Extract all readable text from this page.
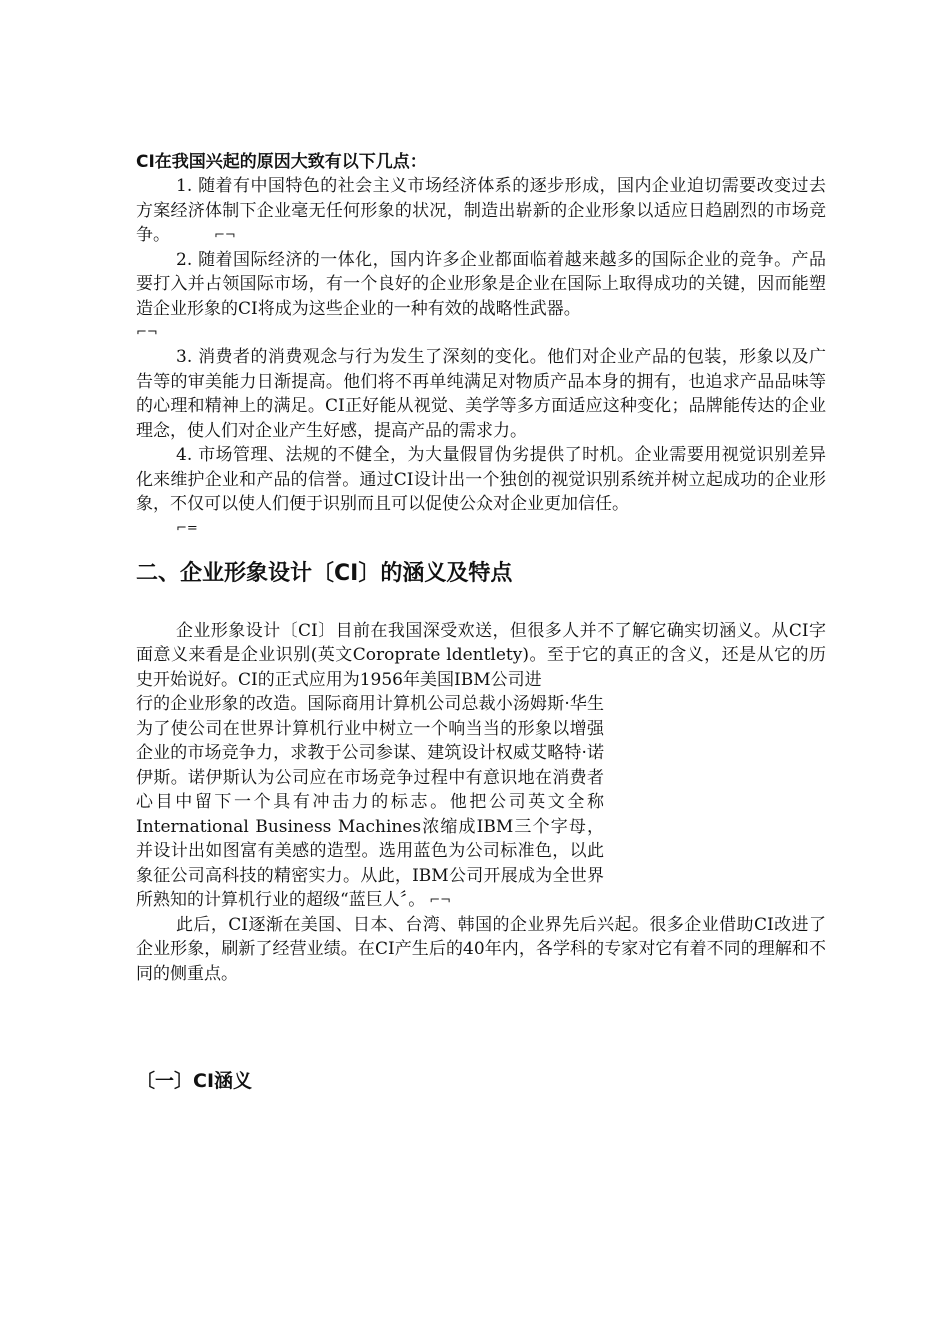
CI在我国兴起的原因大致有以下几点：

1. 随着有中国特色的社会主义市场经济体系的逐步形成，国内企业迫切需要改变过去方案经济体制下企业毫无任何形象的状况，制造出崭新的企业形象以适应日趋剧烈的市场竞争。	⌐¬

2. 随着国际经济的一体化，国内许多企业都面临着越来越多的国际企业的竞争。产品要打入并占领国际市场，有一个良好的企业形象是企业在国际上取得成功的关键，因而能塑造企业形象的CI将成为这些企业的一种有效的战略性武器。

⌐¬

3. 消费者的消费观念与行为发生了深刻的变化。他们对企业产品的包装，形象以及广告等的审美能力日渐提高。他们将不再单纯满足对物质产品本身的拥有，也追求产品品味等的心理和精神上的满足。CI正好能从视觉、美学等多方面适应这种变化；品牌能传达的企业理念，使人们对企业产生好感，提高产品的需求力。

4. 市场管理、法规的不健全，为大量假冒伪劣提供了时机。企业需要用视觉识别差异化来维护企业和产品的信誉。通过CI设计出一个独创的视觉识别系统并树立起成功的企业形象，不仅可以使人们便于识别而且可以促使公众对企业更加信任。

⌐=
二、企业形象设计〔CI〕的涵义及特点

企业形象设计〔CI〕目前在我国深受欢送，但很多人并不了解它确实切涵义。从CI字面意义来看是企业识别(英文Coroprate ldentlety)。至于它的真正的含义，还是从它的历史开始说好。CI的正式应用为1956年美国IBM公司进

行的企业形象的改造。国际商用计算机公司总裁小汤姆斯·华生为了使公司在世界计算机行业中树立一个响当当的形象以增强企业的市场竞争力，求教于公司参谋、建筑设计权威艾略特·诺伊斯。诺伊斯认为公司应在市场竞争过程中有意识地在消费者心目中留下一个具有冲击力的标志。他把公司英文全称International Business Machines浓缩成IBM三个字母，并设计出如图富有美感的造型。选用蓝色为公司标准色，以此象征公司高科技的精密实力。从此，IBM公司开展成为全世界所熟知的计算机行业的超级“蓝巨人〞。 ⌐¬

此后，CI逐渐在美国、日本、台湾、韩国的企业界先后兴起。很多企业借助CI改进了企业形象，刷新了经营业绩。在CI产生后的40年内，各学科的专家对它有着不同的理解和不同的侧重点。

〔一〕CI涵义
